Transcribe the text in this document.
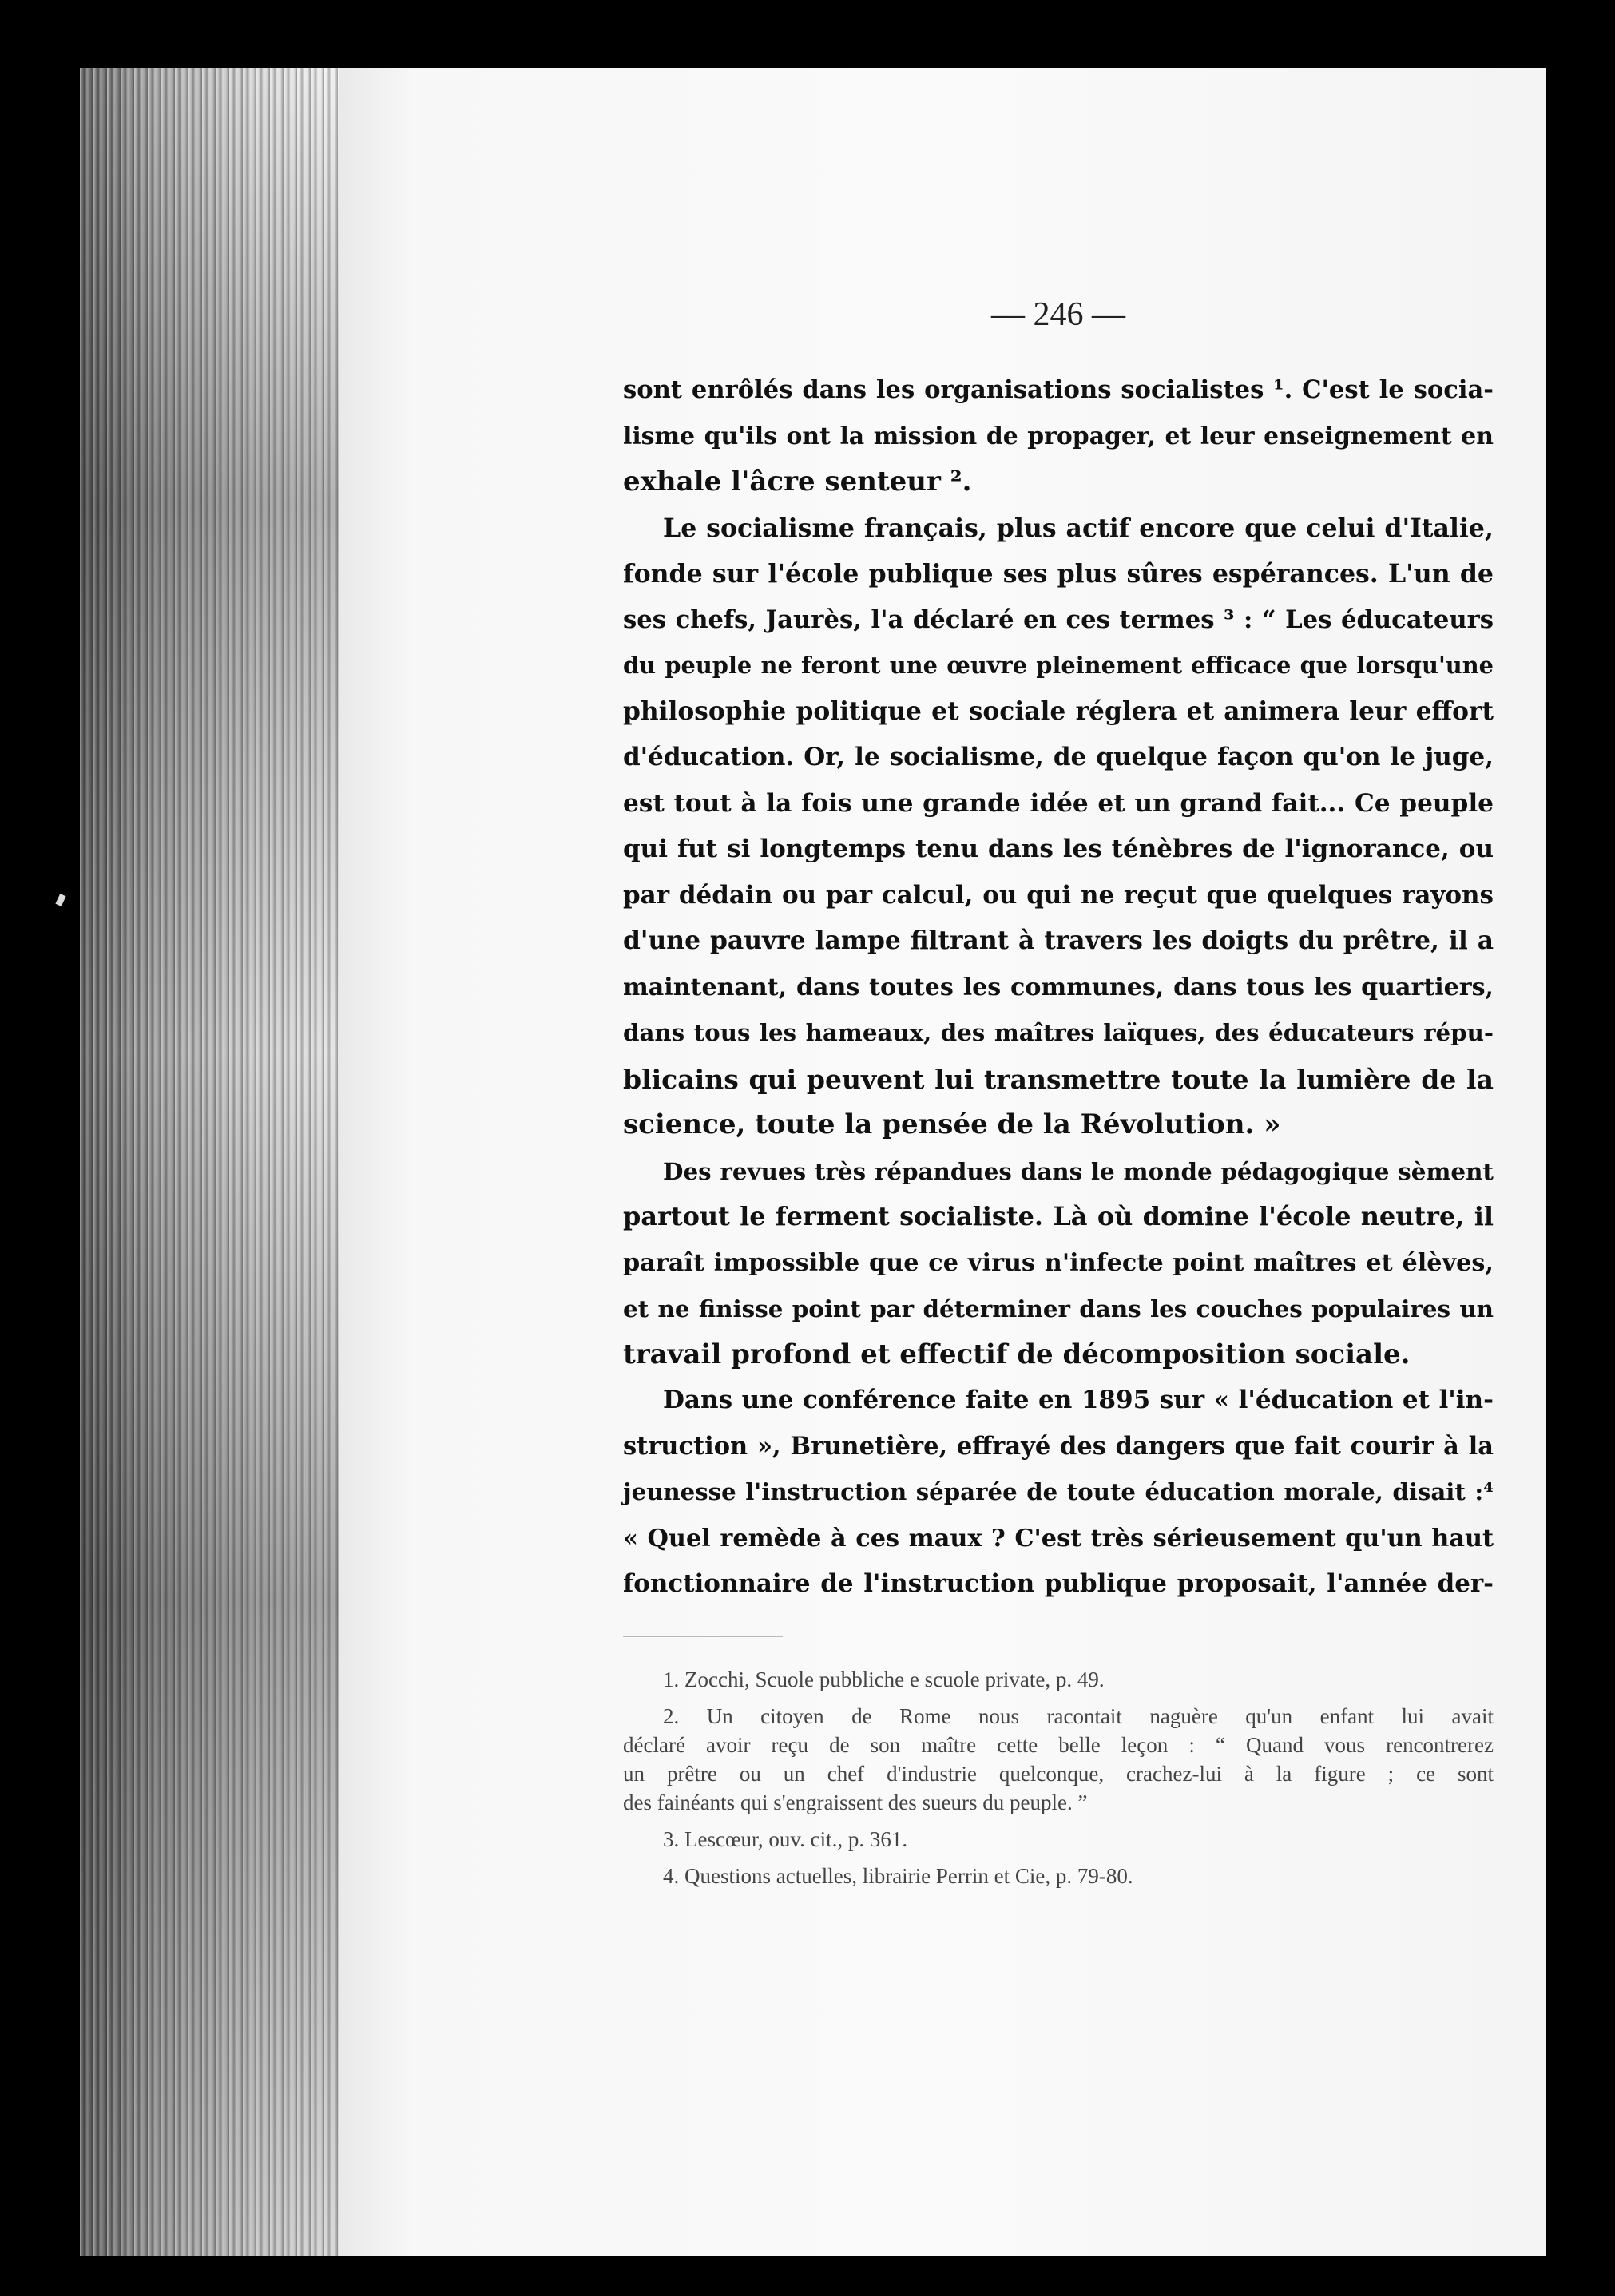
— 246 —

sont enrôlés dans les organisations socialistes ¹. C'est le socia-
lisme qu'ils ont la mission de propager, et leur enseignement en
exhale l'âcre senteur ².

Le socialisme français, plus actif encore que celui d'Italie,
fonde sur l'école publique ses plus sûres espérances. L'un de
ses chefs, Jaurès, l'a déclaré en ces termes ³ : “ Les éducateurs
du peuple ne feront une œuvre pleinement efficace que lorsqu'une
philosophie politique et sociale réglera et animera leur effort
d'éducation. Or, le socialisme, de quelque façon qu'on le juge,
est tout à la fois une grande idée et un grand fait... Ce peuple
qui fut si longtemps tenu dans les ténèbres de l'ignorance, ou
par dédain ou par calcul, ou qui ne reçut que quelques rayons
d'une pauvre lampe filtrant à travers les doigts du prêtre, il a
maintenant, dans toutes les communes, dans tous les quartiers,
dans tous les hameaux, des maîtres laïques, des éducateurs répu-
blicains qui peuvent lui transmettre toute la lumière de la
science, toute la pensée de la Révolution. »

Des revues très répandues dans le monde pédagogique sèment
partout le ferment socialiste. Là où domine l'école neutre, il
paraît impossible que ce virus n'infecte point maîtres et élèves,
et ne finisse point par déterminer dans les couches populaires un
travail profond et effectif de décomposition sociale.

Dans une conférence faite en 1895 sur « l'éducation et l'in-
struction », Brunetière, effrayé des dangers que fait courir à la
jeunesse l'instruction séparée de toute éducation morale, disait :⁴
« Quel remède à ces maux ? C'est très sérieusement qu'un haut
fonctionnaire de l'instruction publique proposait, l'année der-

1. Zocchi, Scuole pubbliche e scuole private, p. 49.
2. Un citoyen de Rome nous racontait naguère qu'un enfant lui avait
déclaré avoir reçu de son maître cette belle leçon : “ Quand vous rencontrerez
un prêtre ou un chef d'industrie quelconque, crachez-lui à la figure ; ce sont
des fainéants qui s'engraissent des sueurs du peuple. ”
3. Lescœur, ouv. cit., p. 361.
4. Questions actuelles, librairie Perrin et Cie, p. 79-80.
